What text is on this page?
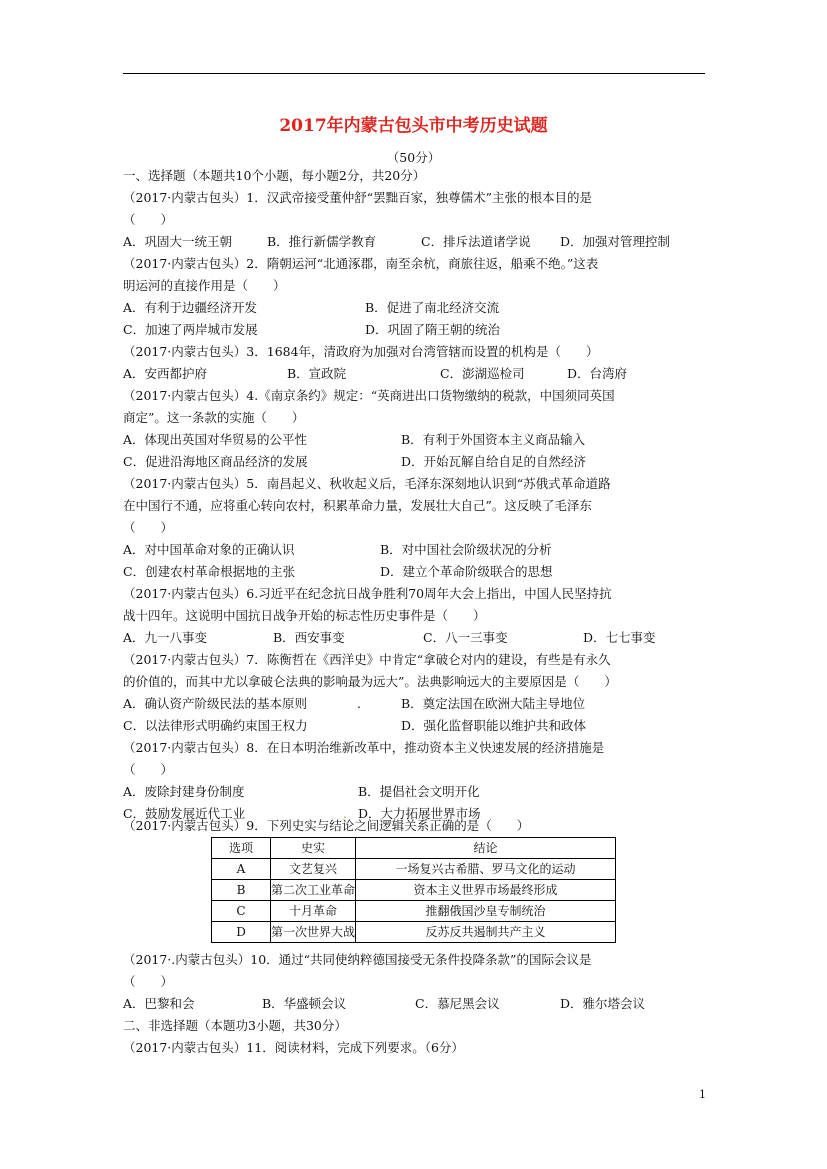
2017年内蒙古包头市中考历史试题
（50分）
一、选择题（本题共10个小题，每小题2分，共20分）
（2017·内蒙古包头）1．汉武帝接受董仲舒“罢黜百家，独尊儒术”主张的根本目的是
（　　）
A．巩固大一统王朝	B．推行新儒学教育	C．排斥法道诸学说 D．加强对管理控制
（2017·内蒙古包头）2．隋朝运河“北通涿郡，南至余杭，商旅往返，船乘不绝。”这表
明运河的直接作用是（　　）
A．有利于边疆经济开发	B．促进了南北经济交流
C．加速了两岸城市发展	D．巩固了隋王朝的统治
（2017·内蒙古包头）3．1684年，清政府为加强对台湾管辖而设置的机构是（　　）
A．安西都护府	B．宣政院	C．澎湖巡检司	D．台湾府
（2017·内蒙古包头）4.《南京条约》规定：“英商进出口货物缴纳的税款，中国须同英国
商定”。这一条款的实施（　　）
A．体现出英国对华贸易的公平性	B．有利于外国资本主义商品输入
C．促进沿海地区商品经济的发展	D．开始瓦解自给自足的自然经济
（2017·内蒙古包头）5．南昌起义、秋收起义后，毛泽东深刻地认识到“苏俄式革命道路
在中国行不通，应将重心转向农村，积累革命力量，发展壮大自己”。这反映了毛泽东
（　　）
A．对中国革命对象的正确认识	B．对中国社会阶级状况的分析
C．创建农村革命根据地的主张	D．建立个革命阶级联合的思想
（2017·内蒙古包头）6.习近平在纪念抗日战争胜利70周年大会上指出，中国人民坚持抗
战十四年。这说明中国抗日战争开始的标志性历史事件是（　　）
A．九一八事变	B．西安事变	C．八一三事变	D．七七事变
（2017·内蒙古包头）7．陈衡哲在《西洋史》中肯定“拿破仑对内的建设，有些是有永久
的价值的，而其中尤以拿破仑法典的影响最为远大”。法典影响远大的主要原因是（　　）
A．确认资产阶级民法的基本原则	.	B．奠定法国在欧洲大陆主导地位
C．以法律形式明确约束国王权力	D．强化监督职能以维护共和政体
（2017·内蒙古包头）8．在日本明治维新改革中，推动资本主义快速发展的经济措施是
（　　）
A．废除封建身份制度	B．提倡社会文明开化
C．鼓励发展近代工业	. D．大力拓展世界市场
（2017·内蒙古包头）9．下列史实与结论之间逻辑关系正确的是（　　）
选项	史实	结论
A	文艺复兴	一场复兴古希腊、罗马文化的运动
B	第二次工业革命	资本主义世界市场最终形成
C	十月革命	推翻俄国沙皇专制统治
D	第一次世界大战	反苏反共遏制共产主义
（2017·.内蒙古包头）10．通过“共同使纳粹德国接受无条件投降条款”的国际会议是
（　　）
A．巴黎和会	B．华盛顿会议	C．慕尼黑会议	D．雅尔塔会议
二、非选择题（本题功3小题，共30分）
（2017·内蒙古包头）11．阅读材料，完成下列要求。（6分）
1
